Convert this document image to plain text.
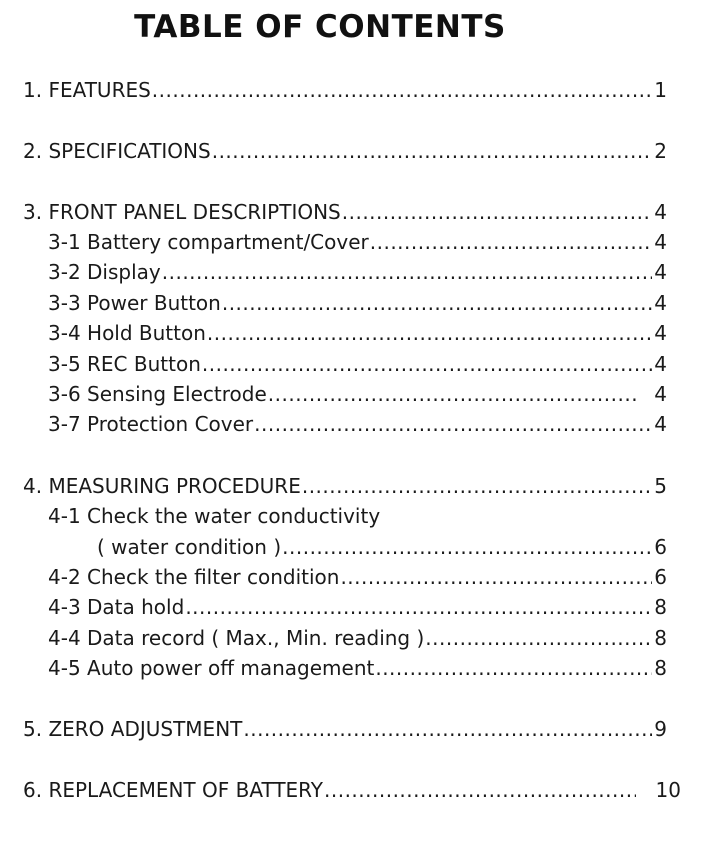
TABLE OF CONTENTS
1. FEATURES .....	1
2. SPECIFICATIONS .....	2
3. FRONT PANEL DESCRIPTIONS .....	4
3-1 Battery compartment/Cover .....	4
3-2 Display .....	4
3-3 Power Button .....	4
3-4 Hold Button .....	4
3-5 REC Button .....	4
3-6 Sensing Electrode .....	4
3-7 Protection Cover .....	4
4. MEASURING PROCEDURE .....	5
4-1 Check the water conductivity
( water condition ) .....	6
4-2 Check the filter condition .....	6
4-3 Data hold .....	8
4-4 Data record ( Max., Min. reading ) .....	8
4-5 Auto power off management .....	8
5. ZERO ADJUSTMENT .....	9
6. REPLACEMENT OF BATTERY .....	10
